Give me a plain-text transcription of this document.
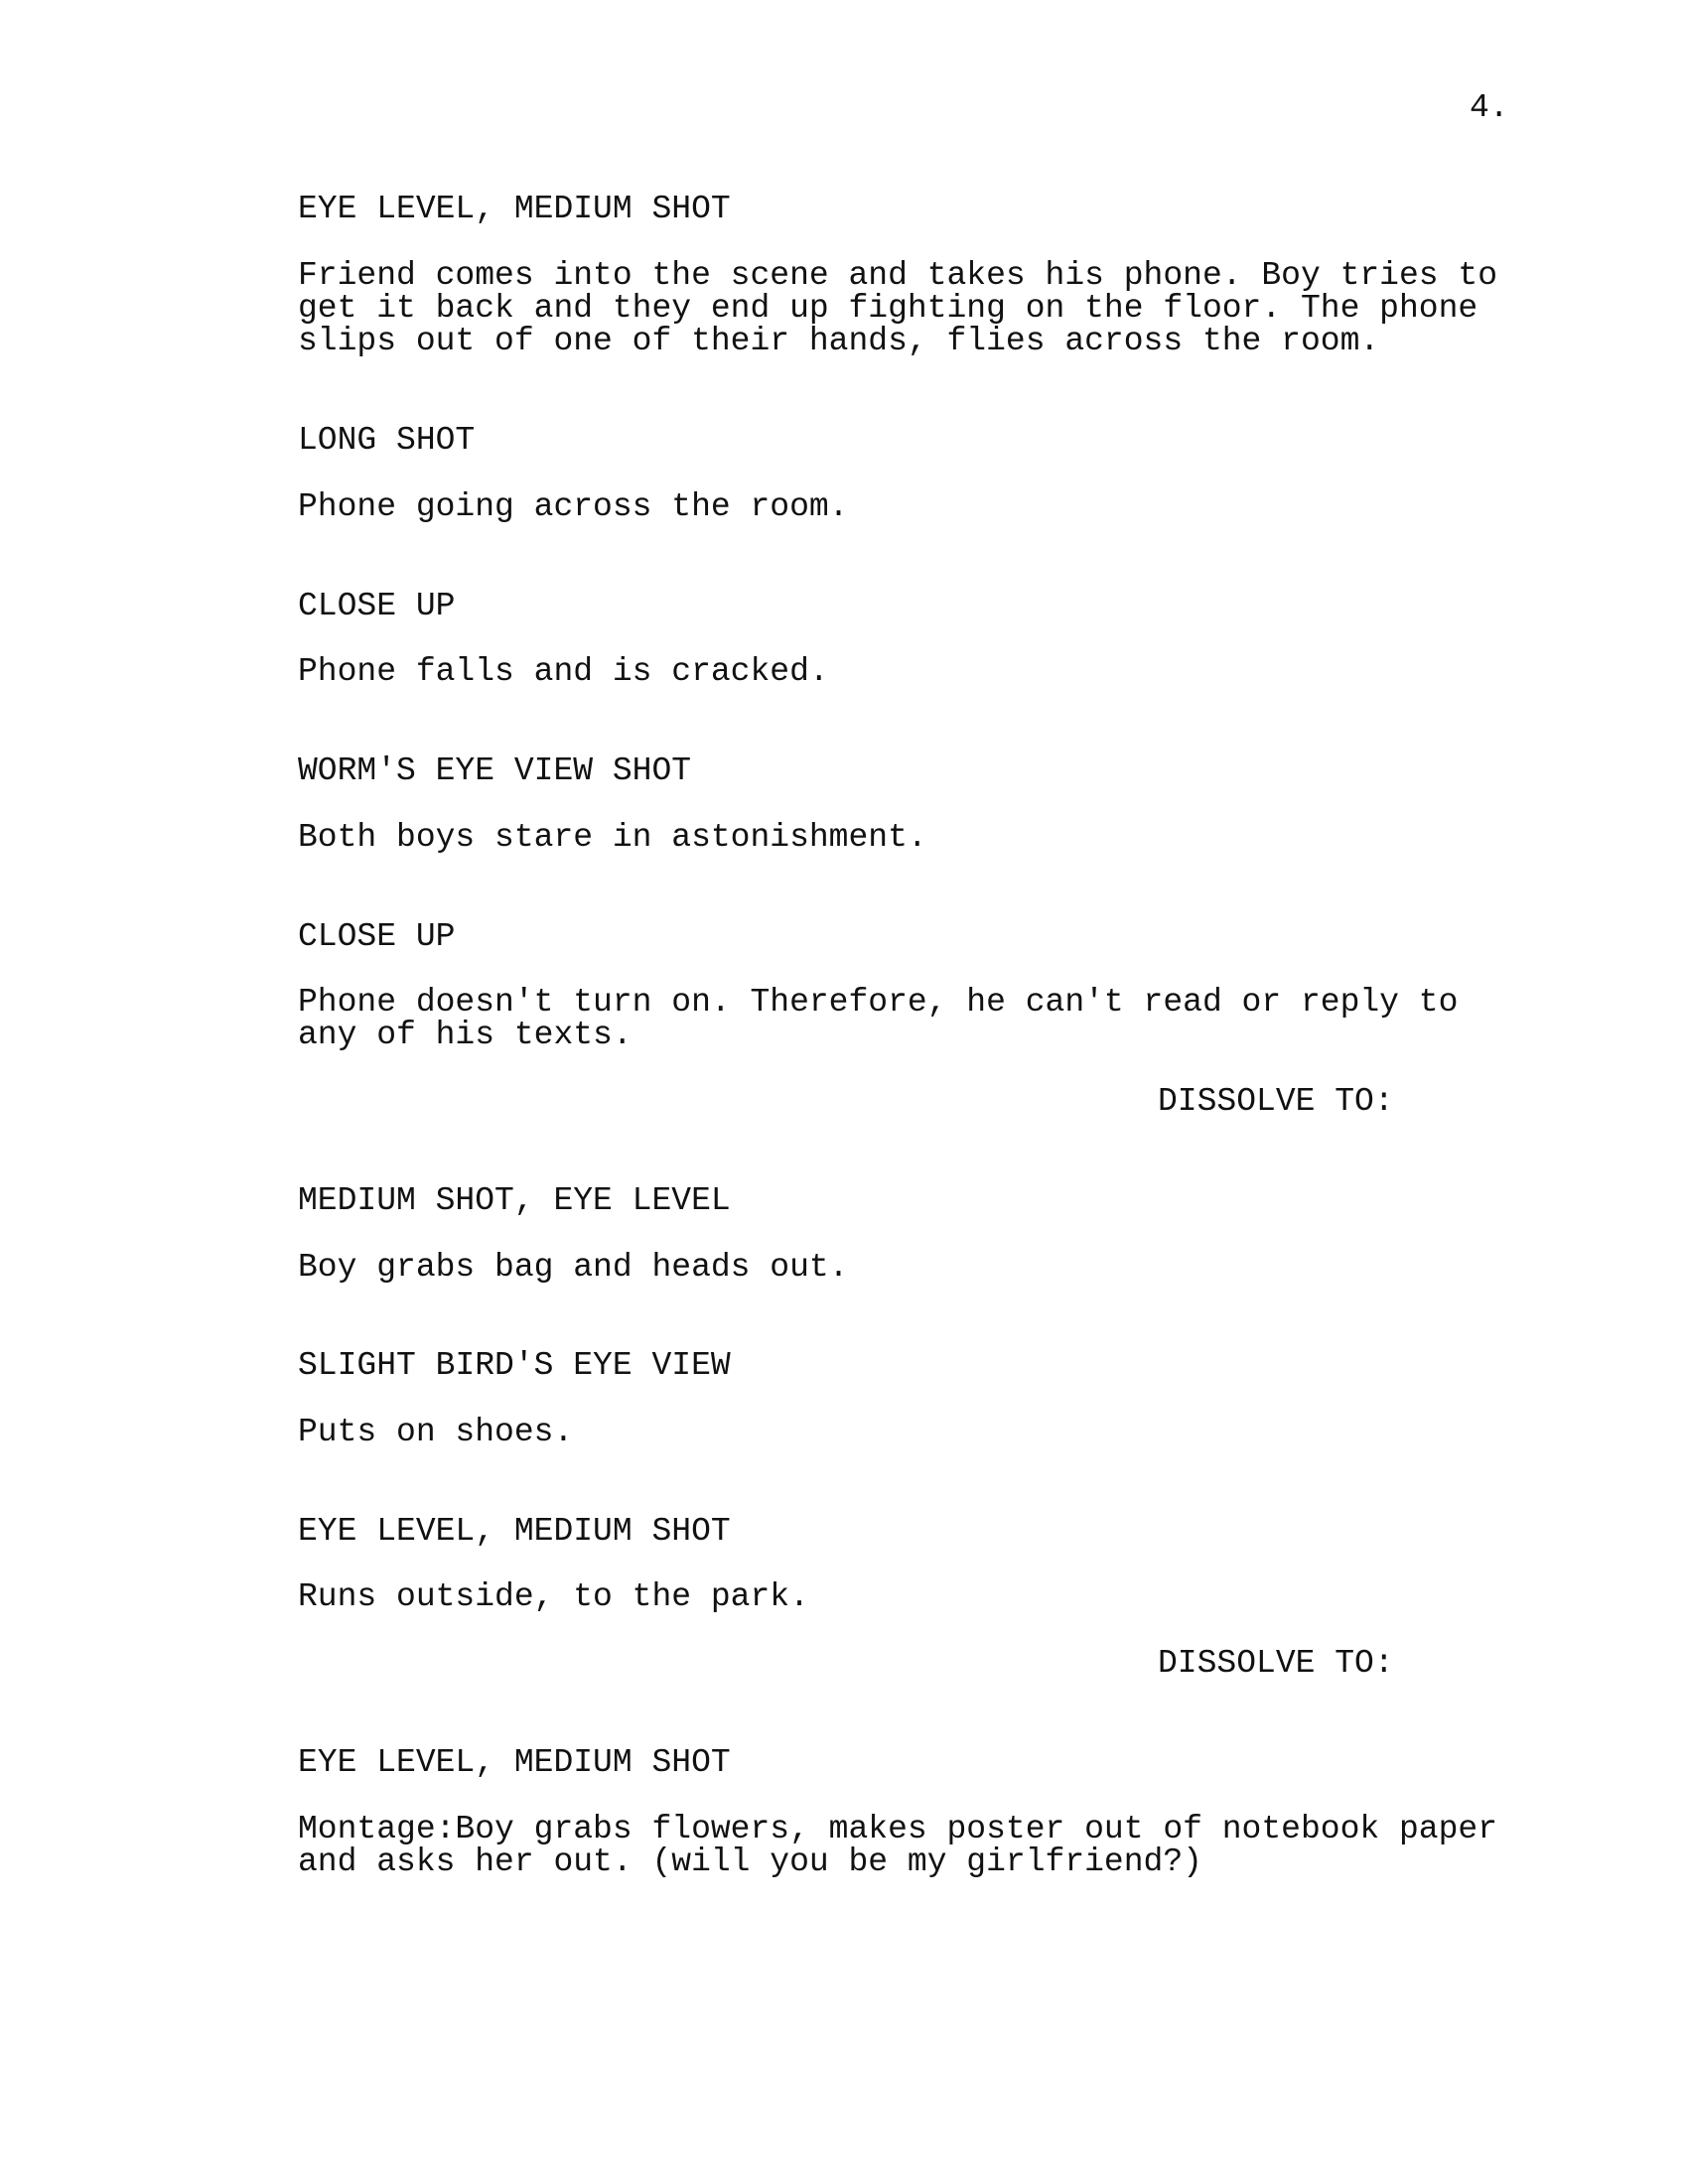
4.
EYE LEVEL, MEDIUM SHOT
Friend comes into the scene and takes his phone. Boy tries to
get it back and they end up fighting on the floor. The phone
slips out of one of their hands, flies across the room.
LONG SHOT
Phone going across the room.
CLOSE UP
Phone falls and is cracked.
WORM'S EYE VIEW SHOT
Both boys stare in astonishment.
CLOSE UP
Phone doesn't turn on. Therefore, he can't read or reply to
any of his texts.
DISSOLVE TO:
MEDIUM SHOT, EYE LEVEL
Boy grabs bag and heads out.
SLIGHT BIRD'S EYE VIEW
Puts on shoes.
EYE LEVEL, MEDIUM SHOT
Runs outside, to the park.
DISSOLVE TO:
EYE LEVEL, MEDIUM SHOT
Montage:Boy grabs flowers, makes poster out of notebook paper
and asks her out. (will you be my girlfriend?)
